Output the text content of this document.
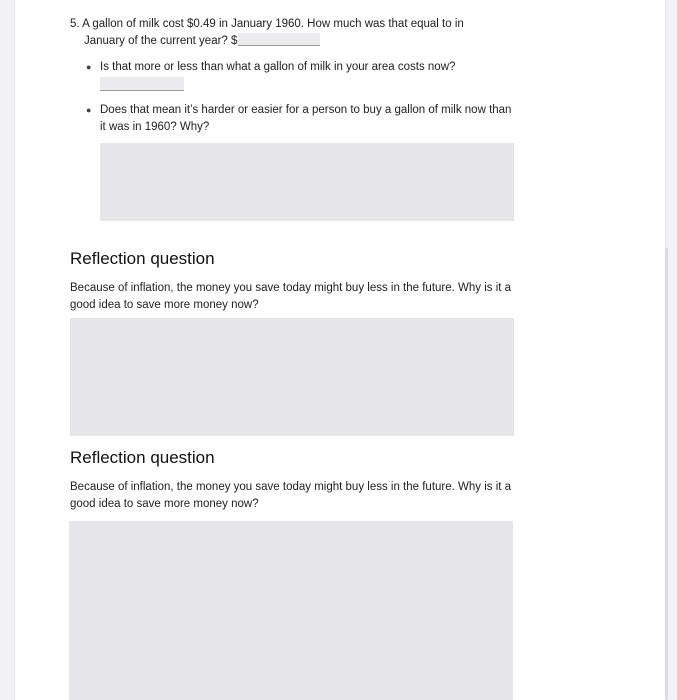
5. A gallon of milk cost $0.49 in January 1960. How much was that equal to in
January of the current year? $
● Is that more or less than what a gallon of milk in your area costs now?
● Does that mean it’s harder or easier for a person to buy a gallon of milk now than it was in 1960? Why?
Reflection question
Because of inflation, the money you save today might buy less in the future. Why is it a good idea to save more money now?
Reflection question
Because of inflation, the money you save today might buy less in the future. Why is it a good idea to save more money now?
